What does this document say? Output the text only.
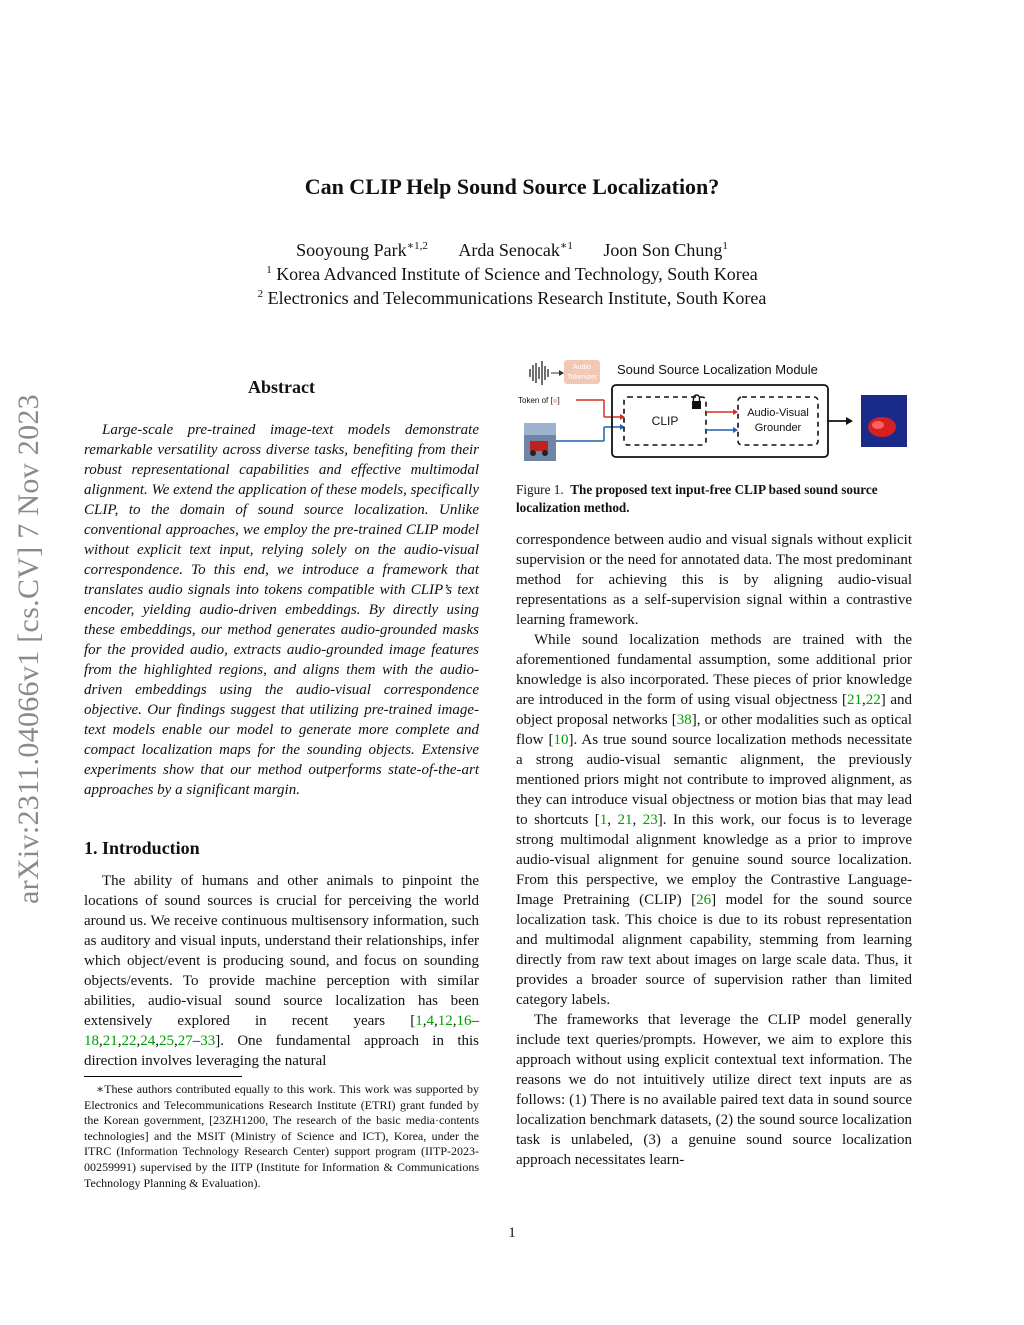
arXiv:2311.04066v1 [cs.CV] 7 Nov 2023
Can CLIP Help Sound Source Localization?
Sooyoung Park$^{∗1,2}$ Arda Senocak$^{∗1}$ Joon Son Chung$^1$
$^1$ Korea Advanced Institute of Science and Technology, South Korea
$^2$ Electronics and Telecommunications Research Institute, South Korea
Abstract

Large-scale pre-trained image-text models demonstrate remarkable versatility across diverse tasks, benefiting from their robust representational capabilities and effective multimodal alignment. We extend the application of these models, specifically CLIP, to the domain of sound source localization. Unlike conventional approaches, we employ the pre-trained CLIP model without explicit text input, relying solely on the audio-visual correspondence. To this end, we introduce a framework that translates audio signals into tokens compatible with CLIP’s text encoder, yielding audio-driven embeddings. By directly using these embeddings, our method generates audio-grounded masks for the provided audio, extracts audio-grounded image features from the highlighted regions, and aligns them with the audio-driven embeddings using the audio-visual correspondence objective. Our findings suggest that utilizing pre-trained image-text models enable our model to generate more complete and compact localization maps for the sounding objects. Extensive experiments show that our method outperforms state-of-the-art approaches by a significant margin.

1. Introduction

The ability of humans and other animals to pinpoint the locations of sound sources is crucial for perceiving the world around us. We receive continuous multisensory information, such as auditory and visual inputs, understand their relationships, infer which object/event is producing sound, and focus on sounding objects/events. To provide machine perception with similar abilities, audio-visual sound source localization has been extensively explored in recent years [1,4,12,16–18,21,22,24,25,27–33]. One fundamental approach in this direction involves leveraging the natural

∗These authors contributed equally to this work. This work was supported by Electronics and Telecommunications Research Institute (ETRI) grant funded by the Korean government, [23ZH1200, The research of the basic media·contents technologies] and the MSIT (Ministry of Science and ICT), Korea, under the ITRC (Information Technology Research Center) support program (IITP-2023-00259991) supervised by the IITP (Institute for Information & Communications Technology Planning & Evaluation).

Audio
Tokenizer
Sound Source Localization Module
Token of [■]
CLIP
Audio-Visual
Grounder
Figure 1. The proposed text input-free CLIP based sound source localization method.

correspondence between audio and visual signals without explicit supervision or the need for annotated data. The most predominant method for achieving this is by aligning audio-visual representations as a self-supervision signal within a contrastive learning framework.

While sound localization methods are trained with the aforementioned fundamental assumption, some additional prior knowledge is also incorporated. These pieces of prior knowledge are introduced in the form of using visual objectness [21,22] and object proposal networks [38], or other modalities such as optical flow [10]. As true sound source localization methods necessitate a strong audio-visual semantic alignment, the previously mentioned priors might not contribute to improved alignment, as they can introduce visual objectness or motion bias that may lead to shortcuts [1, 21, 23]. In this work, our focus is to leverage strong multimodal alignment knowledge as a prior to improve audio-visual alignment for genuine sound source localization. From this perspective, we employ the Contrastive Language-Image Pretraining (CLIP) [26] model for the sound source localization task. This choice is due to its robust representation and multimodal alignment capability, stemming from learning directly from raw text about images on large scale data. Thus, it provides a broader source of supervision rather than limited category labels.

The frameworks that leverage the CLIP model generally include text queries/prompts. However, we aim to explore this approach without using explicit contextual text information. The reasons we do not intuitively utilize direct text inputs are as follows: (1) There is no available paired text data in sound source localization benchmark datasets, (2) the sound source localization task is unlabeled, (3) a genuine sound source localization approach necessitates learn-

1
